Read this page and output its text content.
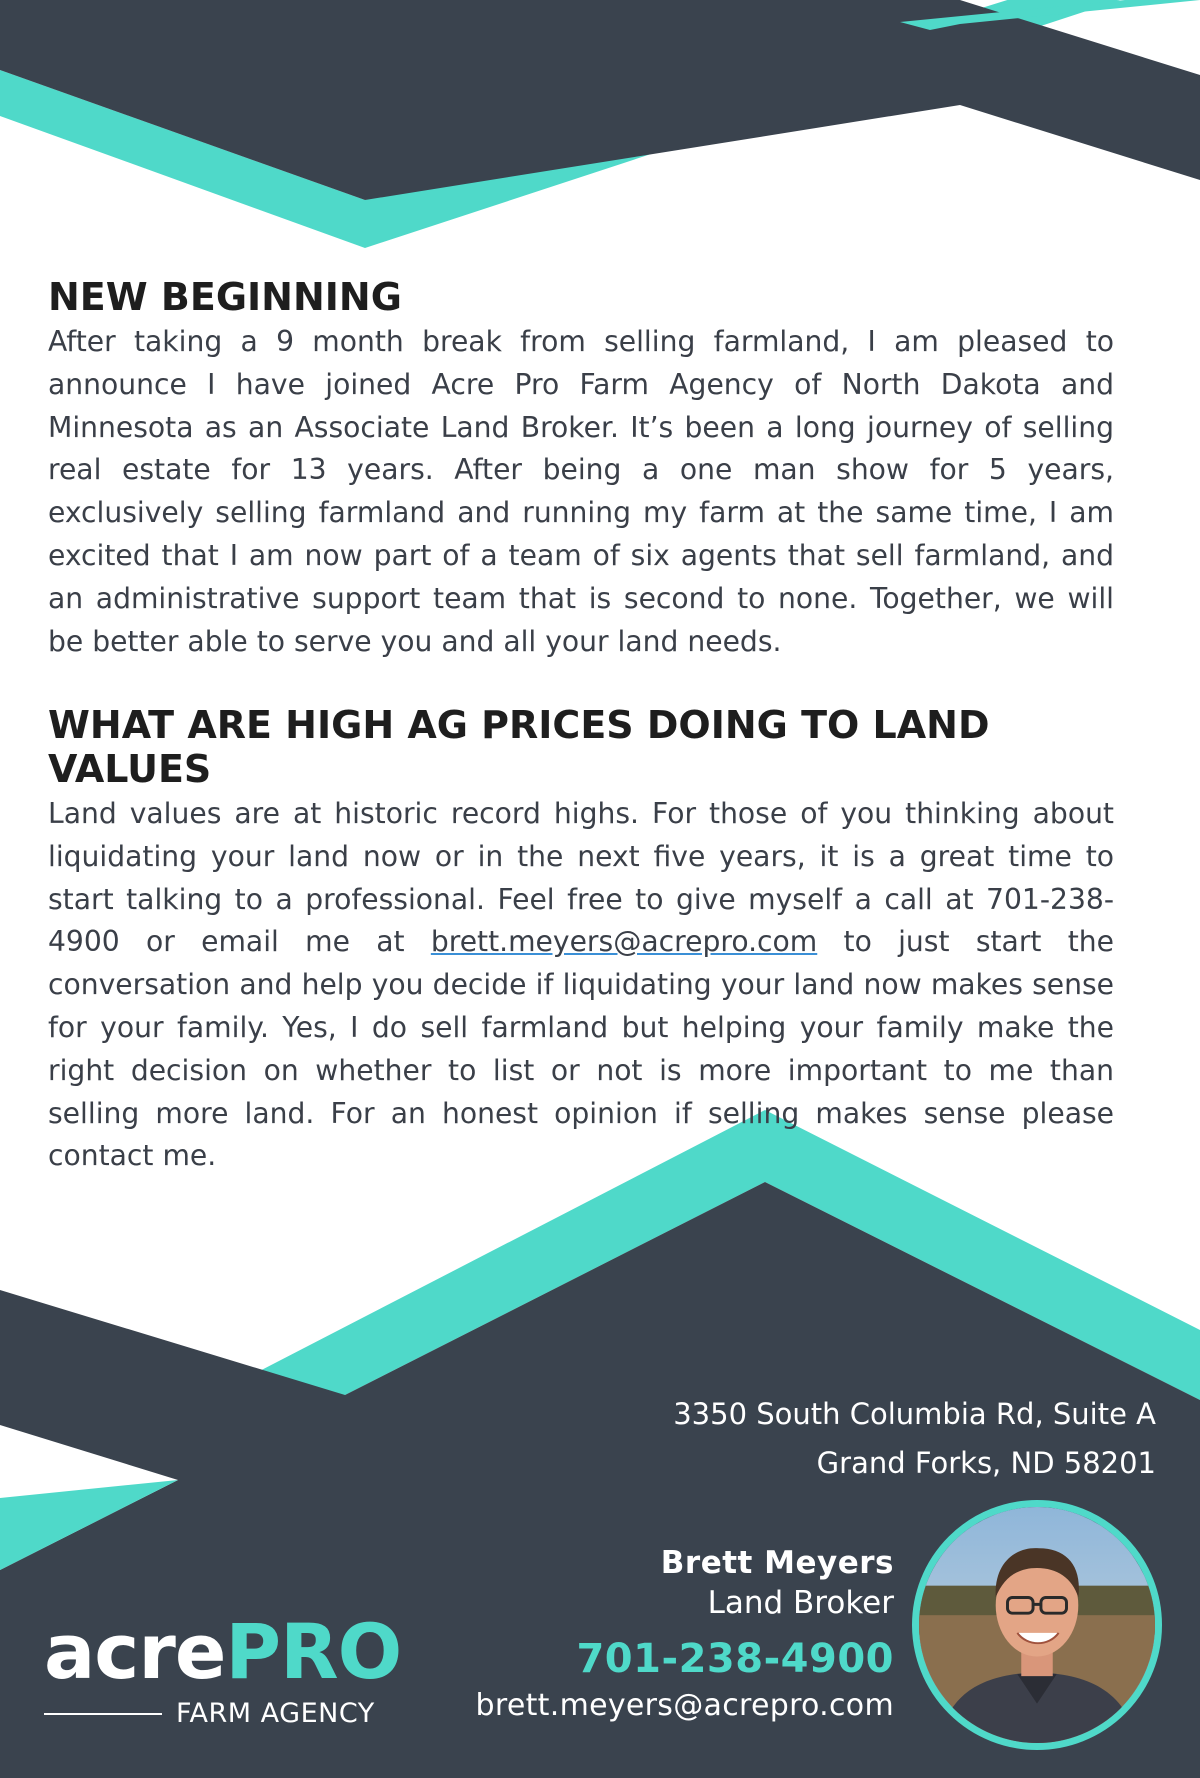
NEW BEGINNING

After taking a 9 month break from selling farmland, I am pleased to announce I have joined Acre Pro Farm Agency of North Dakota and Minnesota as an Associate Land Broker. It’s been a long journey of selling real estate for 13 years. After being a one man show for 5 years, exclusively selling farmland and running my farm at the same time, I am excited that I am now part of a team of six agents that sell farmland, and an administrative support team that is second to none. Together, we will be better able to serve you and all your land needs.

WHAT ARE HIGH AG PRICES DOING TO LAND VALUES

Land values are at historic record highs. For those of you thinking about liquidating your land now or in the next five years, it is a great time to start talking to a professional. Feel free to give myself a call at 701-238-4900 or email me at brett.meyers@acrepro.com to just start the conversation and help you decide if liquidating your land now makes sense for your family. Yes, I do sell farmland but helping your family make the right decision on whether to list or not is more important to me than selling more land. For an honest opinion if selling makes sense please contact me.

3350 South Columbia Rd, Suite A
Grand Forks, ND 58201
Brett Meyers
Land Broker
701-238-4900
brett.meyers@acrepro.com
acrePRO
FARM AGENCY
